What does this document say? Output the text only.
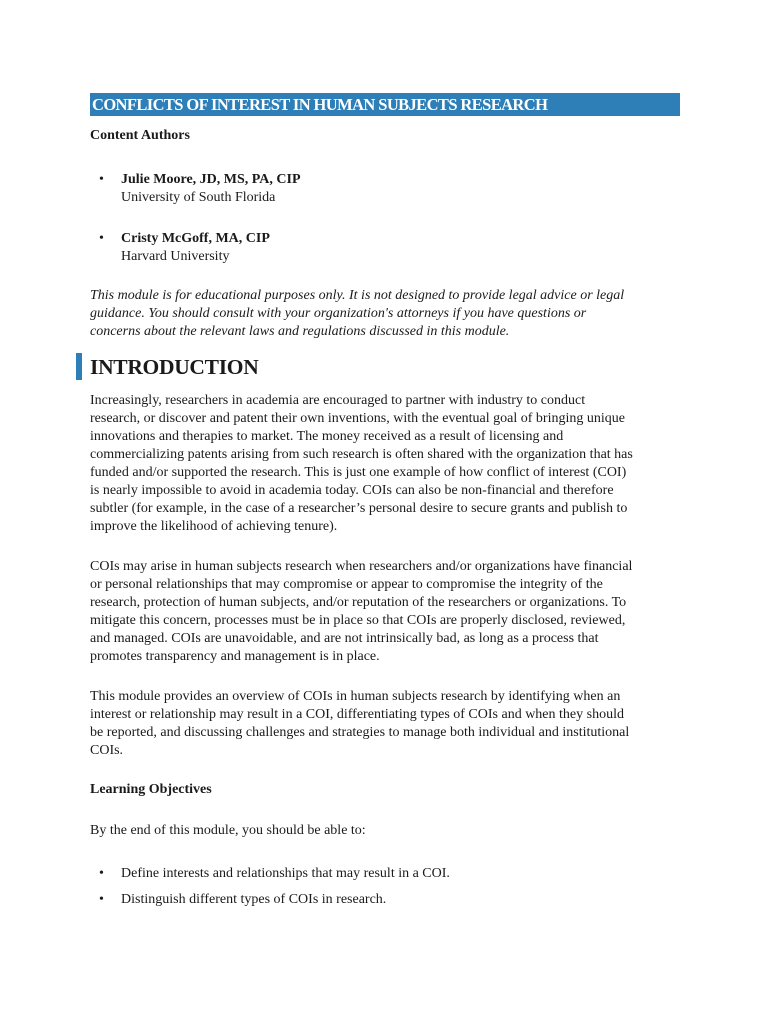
CONFLICTS OF INTEREST IN HUMAN SUBJECTS RESEARCH
Content Authors
• Julie Moore, JD, MS, PA, CIP
University of South Florida
• Cristy McGoff, MA, CIP
Harvard University
This module is for educational purposes only. It is not designed to provide legal advice or legal
guidance. You should consult with your organization's attorneys if you have questions or
concerns about the relevant laws and regulations discussed in this module.
INTRODUCTION
Increasingly, researchers in academia are encouraged to partner with industry to conduct
research, or discover and patent their own inventions, with the eventual goal of bringing unique
innovations and therapies to market. The money received as a result of licensing and
commercializing patents arising from such research is often shared with the organization that has
funded and/or supported the research. This is just one example of how conflict of interest (COI)
is nearly impossible to avoid in academia today. COIs can also be non-financial and therefore
subtler (for example, in the case of a researcher’s personal desire to secure grants and publish to
improve the likelihood of achieving tenure).
COIs may arise in human subjects research when researchers and/or organizations have financial
or personal relationships that may compromise or appear to compromise the integrity of the
research, protection of human subjects, and/or reputation of the researchers or organizations. To
mitigate this concern, processes must be in place so that COIs are properly disclosed, reviewed,
and managed. COIs are unavoidable, and are not intrinsically bad, as long as a process that
promotes transparency and management is in place.
This module provides an overview of COIs in human subjects research by identifying when an
interest or relationship may result in a COI, differentiating types of COIs and when they should
be reported, and discussing challenges and strategies to manage both individual and institutional
COIs.
Learning Objectives
By the end of this module, you should be able to:
• Define interests and relationships that may result in a COI.
• Distinguish different types of COIs in research.
